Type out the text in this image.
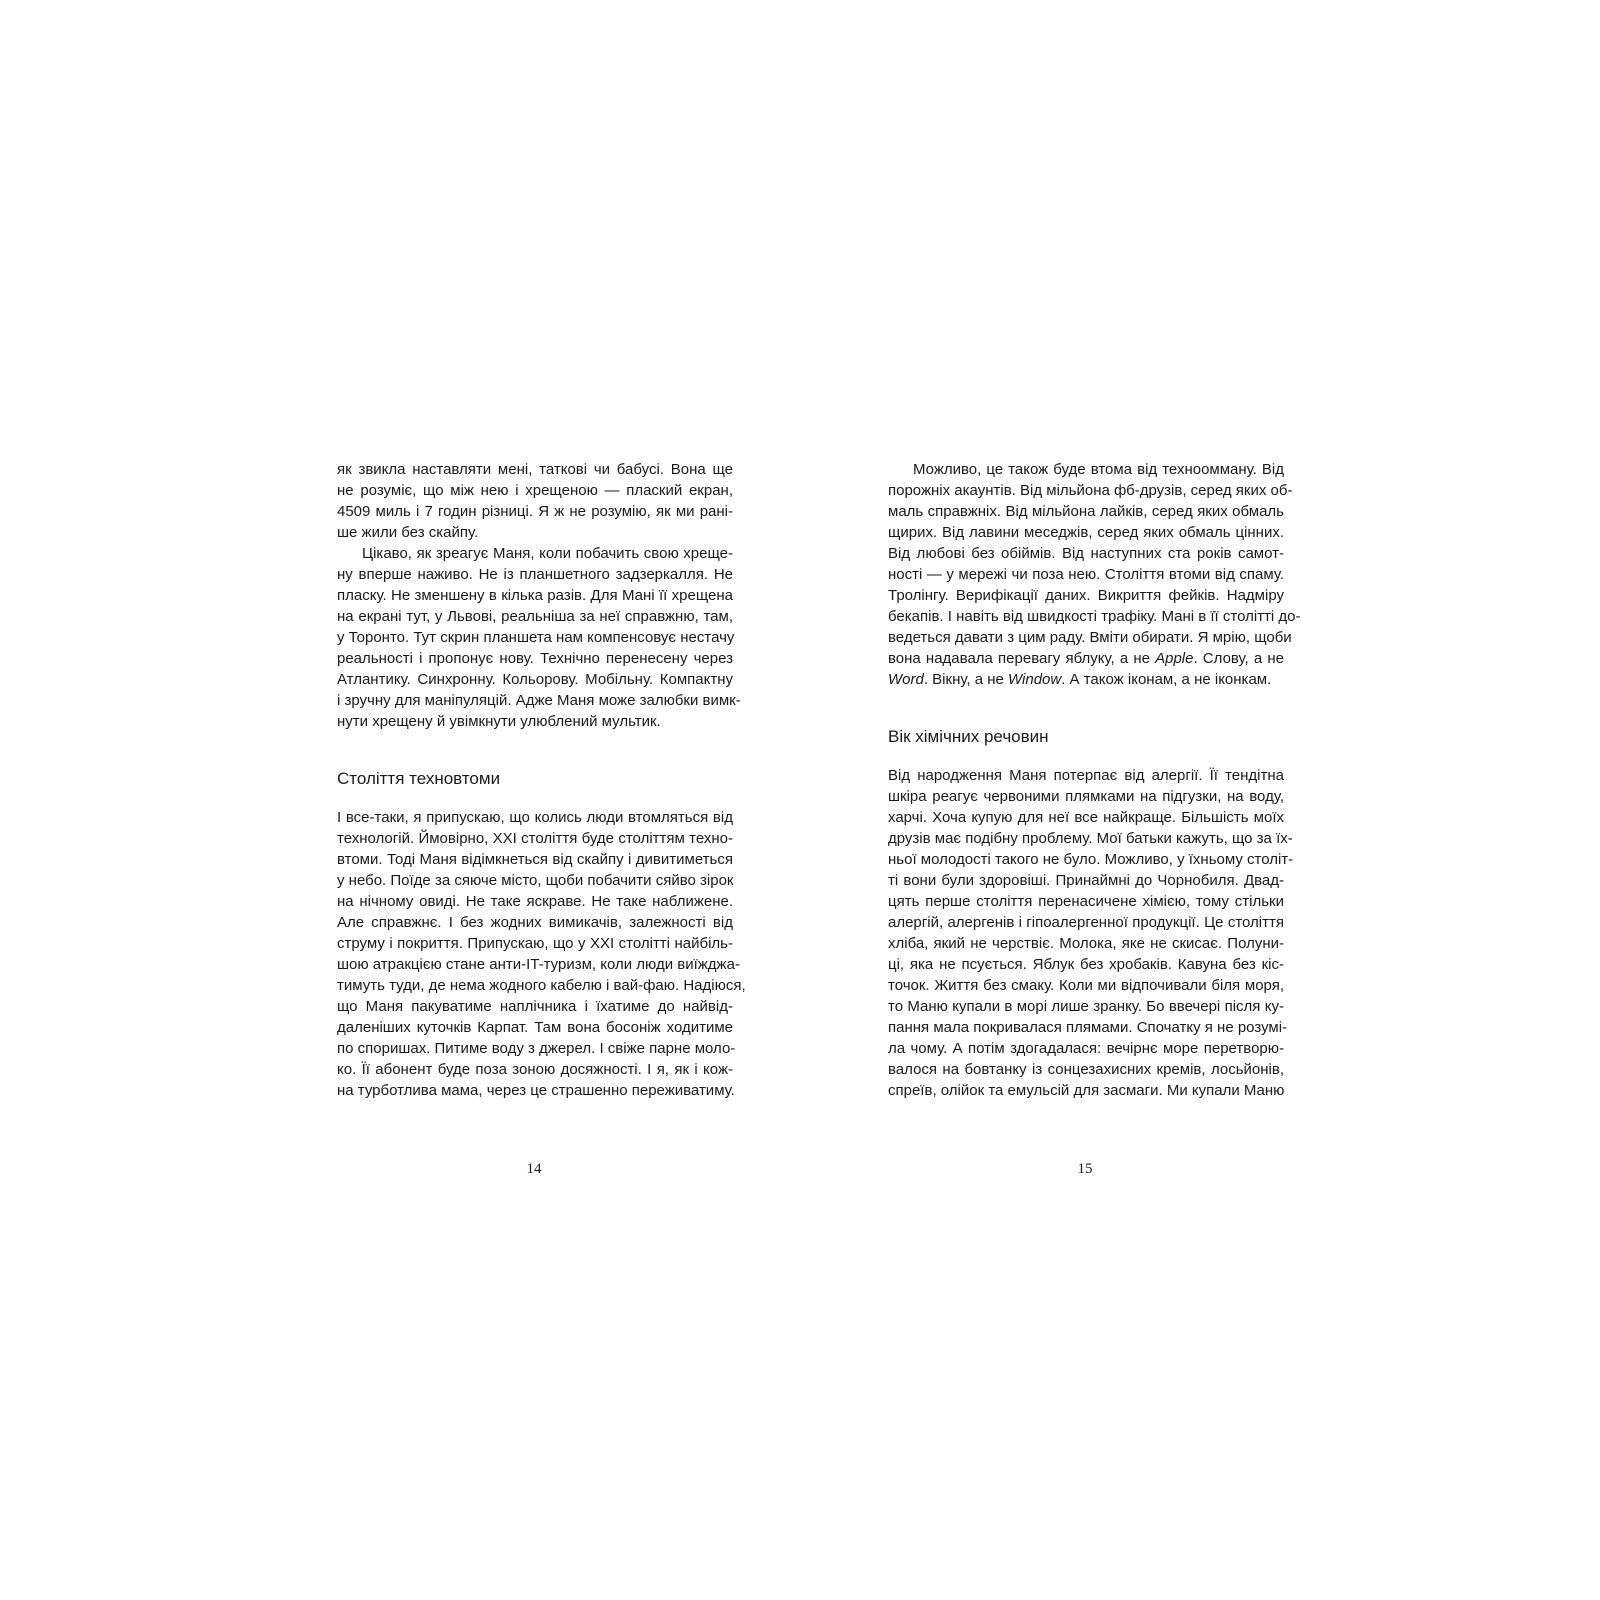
як звикла наставляти мені, таткові чи бабусі. Вона ще
не розуміє, що між нею і хрещеною — плаский екран,
4509 миль і 7 годин різниці. Я ж не розумію, як ми рані-
ше жили без скайпу.
Цікаво, як зреагує Маня, коли побачить свою хреще-
ну вперше наживо. Не із планшетного задзеркалля. Не
пласку. Не зменшену в кілька разів. Для Мані її хрещена
на екрані тут, у Львові, реальніша за неї справжню, там,
у Торонто. Тут скрин планшета нам компенсовує нестачу
реальності і пропонує нову. Технічно перенесену через
Атлантику. Синхронну. Кольорову. Мобільну. Компактну
і зручну для маніпуляцій. Адже Маня може залюбки вимк-
нути хрещену й увімкнути улюблений мультик.
Століття техновтоми
І все-таки, я припускаю, що колись люди втомляться від
технологій. Ймовірно, XXI століття буде століттям техно-
втоми. Тоді Маня відімкнеться від скайпу і дивитиметься
у небо. Поїде за сяюче місто, щоби побачити сяйво зірок
на нічному овиді. Не таке яскраве. Не таке наближене.
Але справжнє. І без жодних вимикачів, залежності від
струму і покриття. Припускаю, що у XXI столітті найбіль-
шою атракцією стане анти-IT-туризм, коли люди виїжджа-
тимуть туди, де нема жодного кабелю і вай-фаю. Надіюся,
що Маня пакуватиме наплічника і їхатиме до найвід-
даленіших куточків Карпат. Там вона босоніж ходитиме
по споришах. Питиме воду з джерел. І свіже парне моло-
ко. Її абонент буде поза зоною досяжності. І я, як і кож-
на турботлива мама, через це страшенно переживатиму.
14
Можливо, це також буде втома від техноомману. Від
порожніх акаунтів. Від мільйона фб-друзів, серед яких об-
маль справжніх. Від мільйона лайків, серед яких обмаль
щирих. Від лавини меседжів, серед яких обмаль цінних.
Від любові без обіймів. Від наступних ста років самот-
ності — у мережі чи поза нею. Століття втоми від спаму.
Тролінгу. Верифікації даних. Викриття фейків. Надміру
бекапів. І навіть від швидкості трафіку. Мані в її столітті до-
ведеться давати з цим раду. Вміти обирати. Я мрію, щоби
вона надавала перевагу яблуку, а не Apple. Слову, а не
Word. Вікну, а не Window. А також іконам, а не іконкам.
Вік хімічних речовин
Від народження Маня потерпає від алергії. Її тендітна
шкіра реагує червоними плямками на підгузки, на воду,
харчі. Хоча купую для неї все найкраще. Більшість моїх
друзів має подібну проблему. Мої батьки кажуть, що за їх-
ньої молодості такого не було. Можливо, у їхньому століт-
ті вони були здоровіші. Принаймні до Чорнобиля. Двад-
цять перше століття перенасичене хімією, тому стільки
алергій, алергенів і гіпоалергенної продукції. Це століття
хліба, який не черствіє. Молока, яке не скисає. Полуни-
ці, яка не псується. Яблук без хробаків. Кавуна без кіс-
точок. Життя без смаку. Коли ми відпочивали біля моря,
то Маню купали в морі лише зранку. Бо ввечері після ку-
пання мала покривалася плямами. Спочатку я не розумі-
ла чому. А потім здогадалася: вечірнє море перетворю-
валося на бовтанку із сонцезахисних кремів, лосьйонів,
спреїв, олійок та емульсій для засмаги. Ми купали Маню
15
